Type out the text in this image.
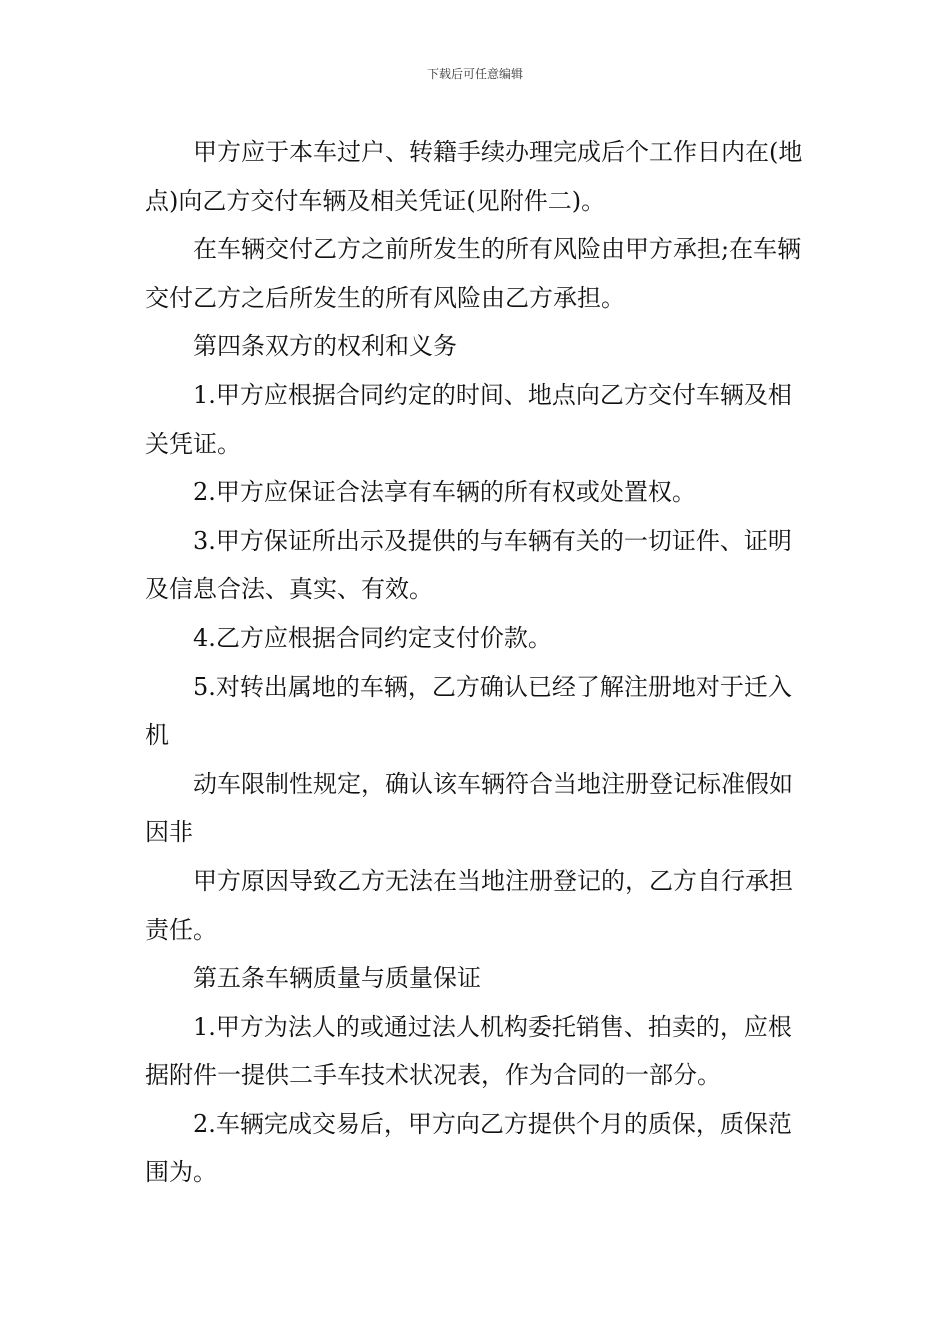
下载后可任意编辑

甲方应于本车过户、转籍手续办理完成后个工作日内在(地点)向乙方交付车辆及相关凭证(见附件二)。

在车辆交付乙方之前所发生的所有风险由甲方承担;在车辆交付乙方之后所发生的所有风险由乙方承担。

第四条双方的权利和义务

1.甲方应根据合同约定的时间、地点向乙方交付车辆及相关凭证。

2.甲方应保证合法享有车辆的所有权或处置权。

3.甲方保证所出示及提供的与车辆有关的一切证件、证明及信息合法、真实、有效。

4.乙方应根据合同约定支付价款。

5.对转出属地的车辆，乙方确认已经了解注册地对于迁入机

动车限制性规定，确认该车辆符合当地注册登记标准假如因非

甲方原因导致乙方无法在当地注册登记的，乙方自行承担责任。

第五条车辆质量与质量保证

1.甲方为法人的或通过法人机构委托销售、拍卖的，应根据附件一提供二手车技术状况表，作为合同的一部分。

2.车辆完成交易后，甲方向乙方提供个月的质保，质保范围为。
